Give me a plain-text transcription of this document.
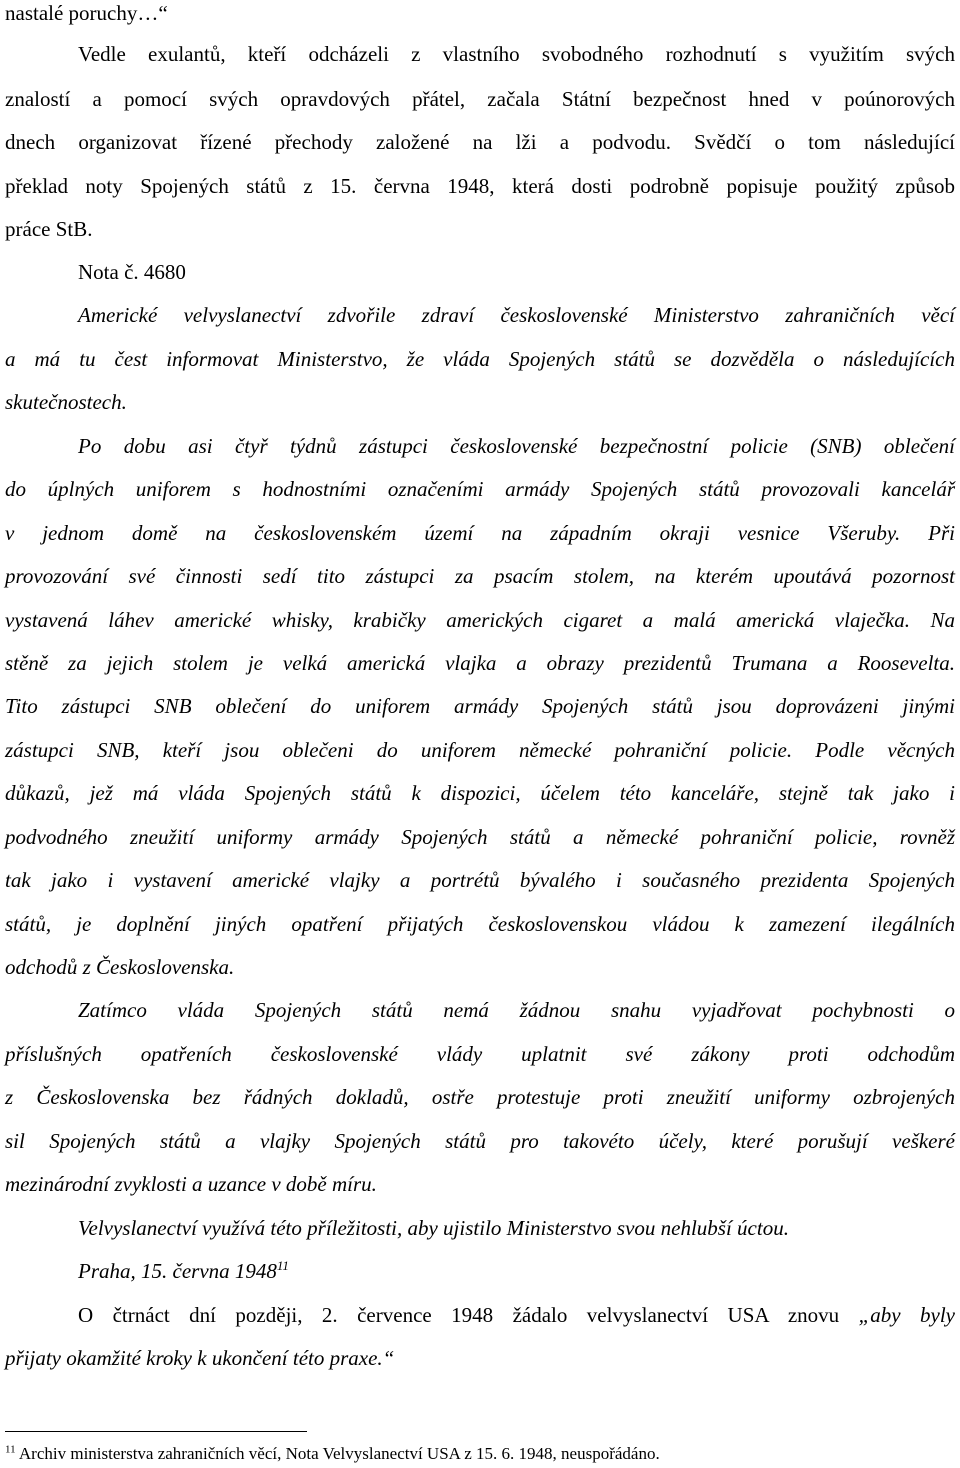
nastalé poruchy…“
Vedle exulantů, kteří odcházeli z vlastního svobodného rozhodnutí s využitím svých
znalostí a pomocí svých opravdových přátel, začala Státní bezpečnost hned v poúnorových
dnech organizovat řízené přechody založené na lži a podvodu. Svědčí o tom následující
překlad noty Spojených států z 15. června 1948, která dosti podrobně popisuje použitý způsob
práce StB.
Nota č. 4680
Americké velvyslanectví zdvořile zdraví československé Ministerstvo zahraničních věcí
a má tu čest informovat Ministerstvo, že vláda Spojených států se dozvěděla o následujících
skutečnostech.
Po dobu asi čtyř týdnů zástupci československé bezpečnostní policie (SNB) oblečení
do úplných uniforem s hodnostními označeními armády Spojených států provozovali kancelář
v jednom domě na československém území na západním okraji vesnice Všeruby. Při
provozování své činnosti sedí tito zástupci za psacím stolem, na kterém upoutává pozornost
vystavená láhev americké whisky, krabičky amerických cigaret a malá americká vlaječka. Na
stěně za jejich stolem je velká americká vlajka a obrazy prezidentů Trumana a Roosevelta.
Tito zástupci SNB oblečení do uniforem armády Spojených států jsou doprovázeni jinými
zástupci SNB, kteří jsou oblečeni do uniforem německé pohraniční policie. Podle věcných
důkazů, jež má vláda Spojených států k dispozici, účelem této kanceláře, stejně tak jako i
podvodného zneužití uniformy armády Spojených států a německé pohraniční policie, rovněž
tak jako i vystavení americké vlajky a portrétů bývalého i současného prezidenta Spojených
států, je doplnění jiných opatření přijatých československou vládou k zamezení ilegálních
odchodů z Československa.
Zatímco vláda Spojených států nemá žádnou snahu vyjadřovat pochybnosti o
příslušných opatřeních československé vlády uplatnit své zákony proti odchodům
z Československa bez řádných dokladů, ostře protestuje proti zneužití uniformy ozbrojených
sil Spojených států a vlajky Spojených států pro takovéto účely, které porušují veškeré
mezinárodní zvyklosti a uzance v době míru.
Velvyslanectví využívá této příležitosti, aby ujistilo Ministerstvo svou nehlubší úctou.
Praha, 15. června 1948$^{11}$
O čtrnáct dní později, 2. července 1948 žádalo velvyslanectví USA znovu „aby byly
přijaty okamžité kroky k ukončení této praxe.“
$^{11}$ Archiv ministerstva zahraničních věcí, Nota Velvyslanectví USA z 15. 6. 1948, neuspořádáno.
